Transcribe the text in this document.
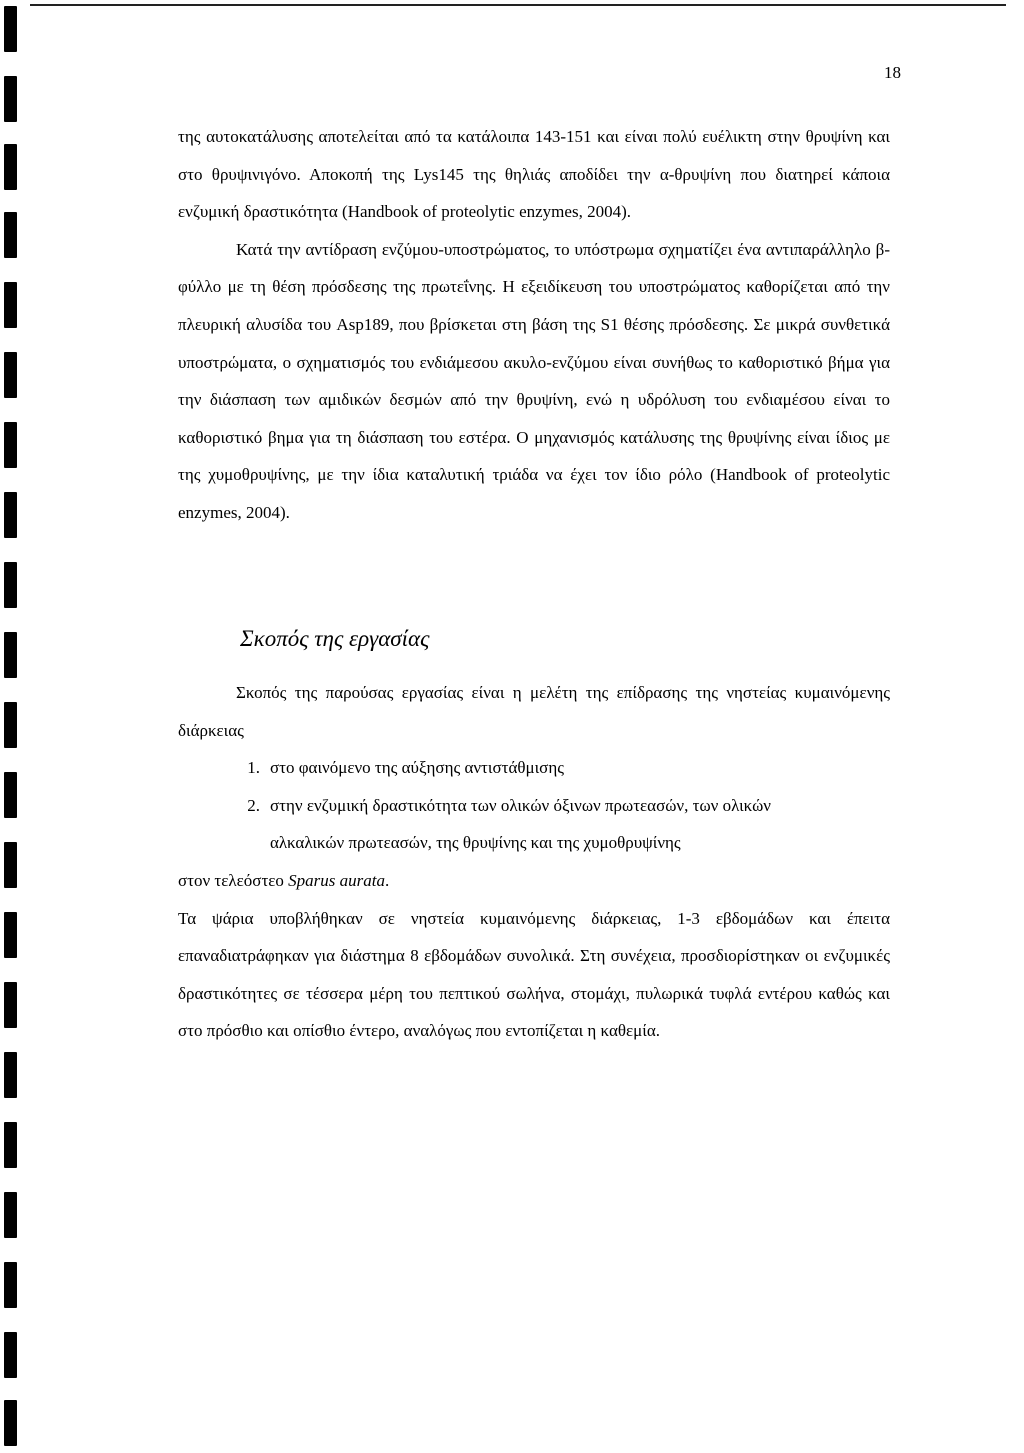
18

της αυτοκατάλυσης αποτελείται από τα κατάλοιπα 143-151 και είναι πολύ ευέλικτη στην θρυψίνη και στο θρυψινιγόνο. Αποκοπή της Lys145 της θηλιάς αποδίδει την α-θρυψίνη που διατηρεί κάποια ενζυμική δραστικότητα (Handbook of proteolytic enzymes, 2004).

Κατά την αντίδραση ενζύμου-υποστρώματος, το υπόστρωμα σχηματίζει ένα αντιπαράλληλο β-φύλλο με τη θέση πρόσδεσης της πρωτεΐνης. Η εξειδίκευση του υποστρώματος καθορίζεται από την πλευρική αλυσίδα του Asp189, που βρίσκεται στη βάση της S1 θέσης πρόσδεσης. Σε μικρά συνθετικά υποστρώματα, ο σχηματισμός του ενδιάμεσου ακυλο-ενζύμου είναι συνήθως το καθοριστικό βήμα για την διάσπαση των αμιδικών δεσμών από την θρυψίνη, ενώ η υδρόλυση του ενδιαμέσου είναι το καθοριστικό βημα για τη διάσπαση του εστέρα. Ο μηχανισμός κατάλυσης της θρυψίνης είναι ίδιος με της χυμοθρυψίνης, με την ίδια καταλυτική τριάδα να έχει τον ίδιο ρόλο (Handbook of proteolytic enzymes, 2004).

Σκοπός της εργασίας

Σκοπός της παρούσας εργασίας είναι η μελέτη της επίδρασης της νηστείας κυμαινόμενης διάρκειας

1. στο φαινόμενο της αύξησης αντιστάθμισης
2. στην ενζυμική δραστικότητα των ολικών όξινων πρωτεασών, των ολικών

αλκαλικών πρωτεασών, της θρυψίνης και της χυμοθρυψίνης

στον τελεόστεο Sparus aurata.

Τα ψάρια υποβλήθηκαν σε νηστεία κυμαινόμενης διάρκειας, 1-3 εβδομάδων και έπειτα επαναδιατράφηκαν για διάστημα 8 εβδομάδων συνολικά. Στη συνέχεια, προσδιορίστηκαν οι ενζυμικές δραστικότητες σε τέσσερα μέρη του πεπτικού σωλήνα, στομάχι, πυλωρικά τυφλά εντέρου καθώς και στο πρόσθιο και οπίσθιο έντερο, αναλόγως που εντοπίζεται η καθεμία.
